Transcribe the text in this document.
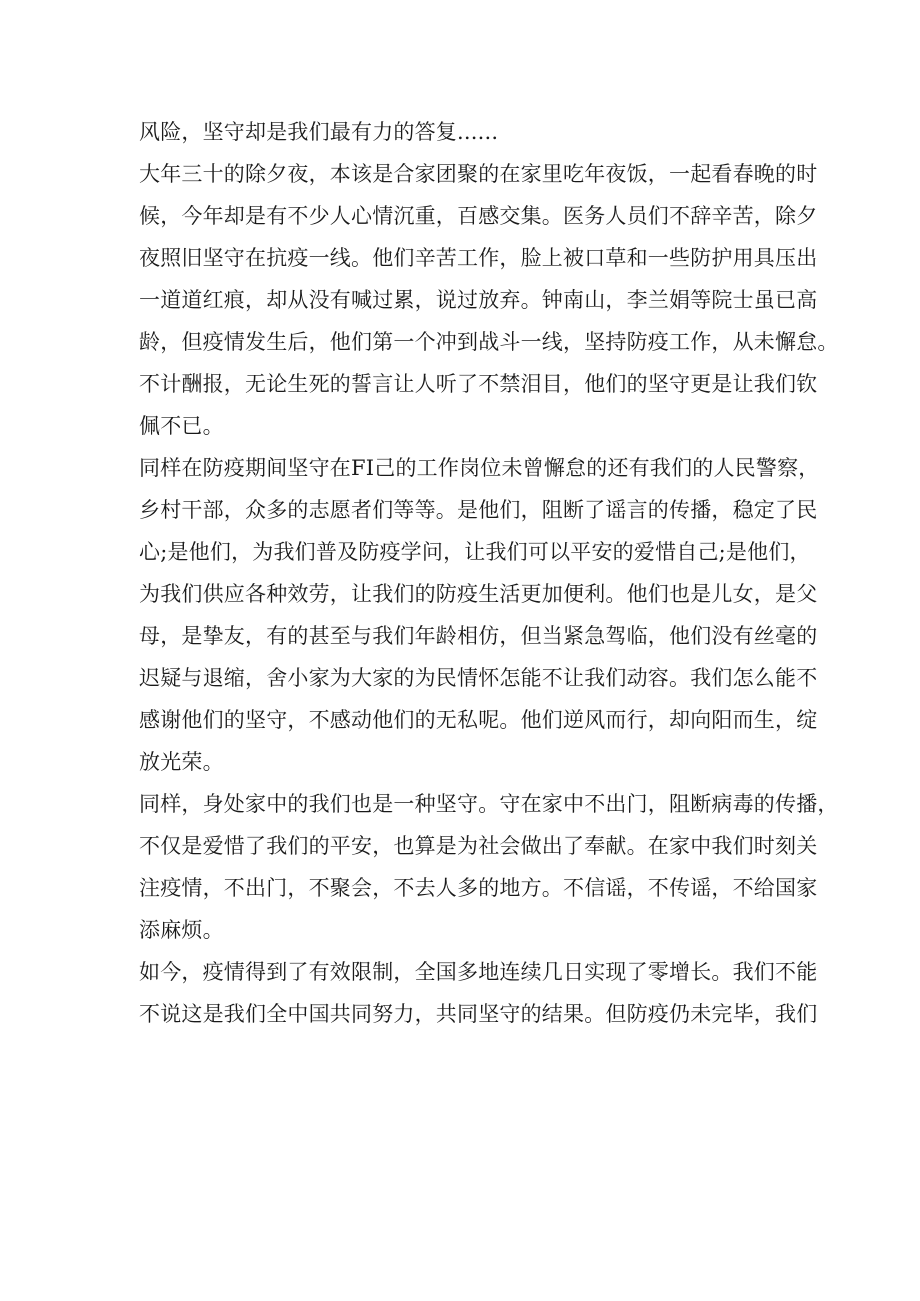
风险，坚守却是我们最有力的答复......
大年三十的除夕夜，本该是合家团聚的在家里吃年夜饭，一起看春晚的时
候，今年却是有不少人心情沉重，百感交集。医务人员们不辞辛苦，除夕
夜照旧坚守在抗疫一线。他们辛苦工作，脸上被口草和一些防护用具压出
一道道红痕，却从没有喊过累，说过放弃。钟南山，李兰娟等院士虽已高
龄，但疫情发生后，他们第一个冲到战斗一线，坚持防疫工作，从未懈怠。
不计酬报，无论生死的誓言让人听了不禁泪目，他们的坚守更是让我们钦
佩不已。
同样在防疫期间坚守在FI己的工作岗位未曾懈怠的还有我们的人民警察，
乡村干部，众多的志愿者们等等。是他们，阻断了谣言的传播，稳定了民
心;是他们，为我们普及防疫学问，让我们可以平安的爱惜自己;是他们，
为我们供应各种效劳，让我们的防疫生活更加便利。他们也是儿女，是父
母，是挚友，有的甚至与我们年龄相仿，但当紧急驾临，他们没有丝毫的
迟疑与退缩，舍小家为大家的为民情怀怎能不让我们动容。我们怎么能不
感谢他们的坚守，不感动他们的无私呢。他们逆风而行，却向阳而生，绽
放光荣。
同样，身处家中的我们也是一种坚守。守在家中不出门，阻断病毒的传播，
不仅是爱惜了我们的平安，也算是为社会做出了奉献。在家中我们时刻关
注疫情，不出门，不聚会，不去人多的地方。不信谣，不传谣，不给国家
添麻烦。
如今，疫情得到了有效限制，全国多地连续几日实现了零增长。我们不能
不说这是我们全中国共同努力，共同坚守的结果。但防疫仍未完毕，我们
